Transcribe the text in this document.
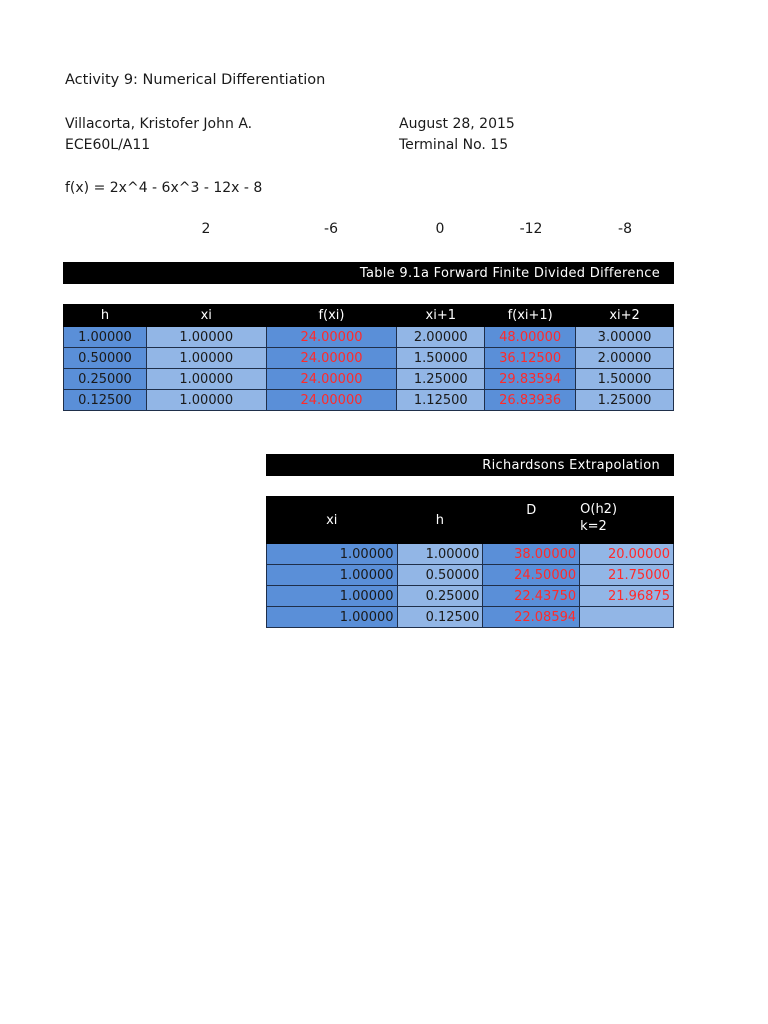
Activity 9: Numerical Differentiation
Villacorta, Kristofer John A.
ECE60L/A11
August 28, 2015
Terminal No. 15
f(x) = 2x^4 - 6x^3 - 12x - 8
2	-6	0	-12	-8
Table 9.1a Forward Finite Divided Difference
h	xi	f(xi)	xi+1	f(xi+1)	xi+2
1.00000	1.00000	24.00000	2.00000	48.00000	3.00000
0.50000	1.00000	24.00000	1.50000	36.12500	2.00000
0.25000	1.00000	24.00000	1.25000	29.83594	1.50000
0.12500	1.00000	24.00000	1.12500	26.83936	1.25000
Richardsons Extrapolation
xi	h	D	O(h2)
k=2

1.00000	1.00000	38.00000	20.00000
1.00000	0.50000	24.50000	21.75000
1.00000	0.25000	22.43750	21.96875
1.00000	0.12500	22.08594	
